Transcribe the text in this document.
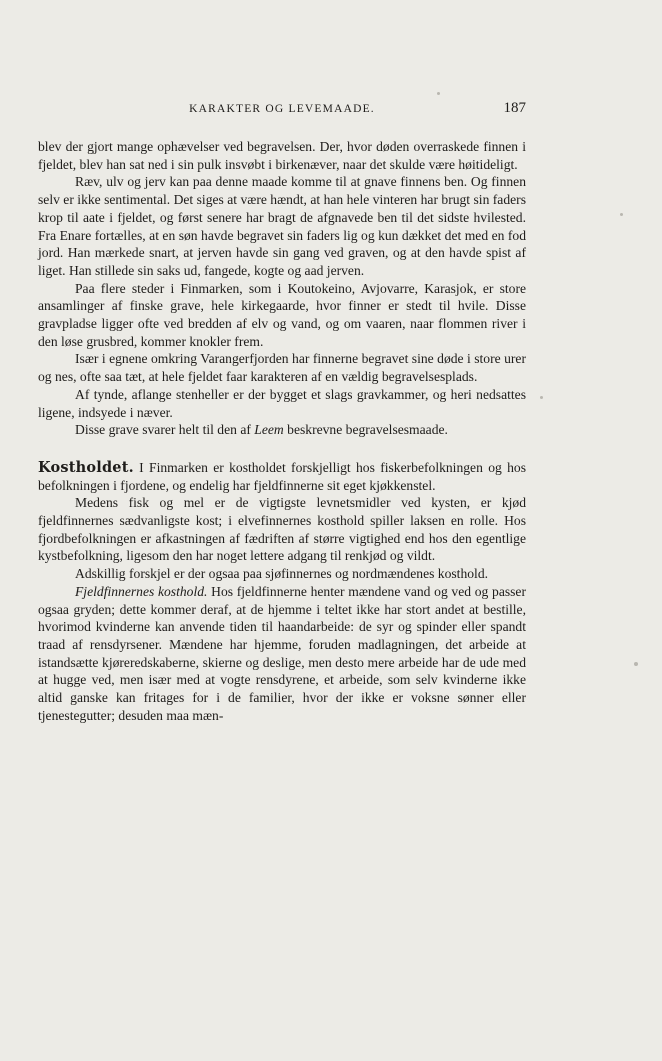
KARAKTER OG LEVEMAADE.	187

blev der gjort mange ophævelser ved begravelsen. Der, hvor døden overraskede finnen i fjeldet, blev han sat ned i sin pulk insvøbt i birkenæver, naar det skulde være høitideligt.

Ræv, ulv og jerv kan paa denne maade komme til at gnave finnens ben. Og finnen selv er ikke sentimental. Det siges at være hændt, at han hele vinteren har brugt sin faders krop til aate i fjeldet, og først senere har bragt de afgnavede ben til det sidste hvilested. Fra Enare fortælles, at en søn havde begravet sin faders lig og kun dækket det med en fod jord. Han mærkede snart, at jerven havde sin gang ved graven, og at den havde spist af liget. Han stillede sin saks ud, fangede, kogte og aad jerven.

Paa flere steder i Finmarken, som i Koutokeino, Avjovarre, Karasjok, er store ansamlinger af finske grave, hele kirkegaarde, hvor finner er stedt til hvile. Disse gravpladse ligger ofte ved bredden af elv og vand, og om vaaren, naar flommen river i den løse grusbred, kommer knokler frem.

Især i egnene omkring Varangerfjorden har finnerne begravet sine døde i store urer og nes, ofte saa tæt, at hele fjeldet faar karakteren af en vældig begravelsesplads.

Af tynde, aflange stenheller er der bygget et slags gravkammer, og heri nedsattes ligene, indsyede i næver.

Disse grave svarer helt til den af Leem beskrevne begravelsesmaade.

Kostholdet. I Finmarken er kostholdet forskjelligt hos fiskerbefolkningen og hos befolkningen i fjordene, og endelig har fjeldfinnerne sit eget kjøkkenstel.

Medens fisk og mel er de vigtigste levnetsmidler ved kysten, er kjød fjeldfinnernes sædvanligste kost; i elvefinnernes kosthold spiller laksen en rolle. Hos fjordbefolkningen er afkastningen af fædriften af større vigtighed end hos den egentlige kystbefolkning, ligesom den har noget lettere adgang til renkjød og vildt.

Adskillig forskjel er der ogsaa paa sjøfinnernes og nordmændenes kosthold.

Fjeldfinnernes kosthold. Hos fjeldfinnerne henter mændene vand og ved og passer ogsaa gryden; dette kommer deraf, at de hjemme i teltet ikke har stort andet at bestille, hvorimod kvinderne kan anvende tiden til haandarbeide: de syr og spinder eller spandt traad af rensdyrsener. Mændene har hjemme, foruden madlagningen, det arbeide at istandsætte kjøreredskaberne, skierne og deslige, men desto mere arbeide har de ude med at hugge ved, men især med at vogte rensdyrene, et arbeide, som selv kvinderne ikke altid ganske kan fritages for i de familier, hvor der ikke er voksne sønner eller tjenestegutter; desuden maa mæn-
